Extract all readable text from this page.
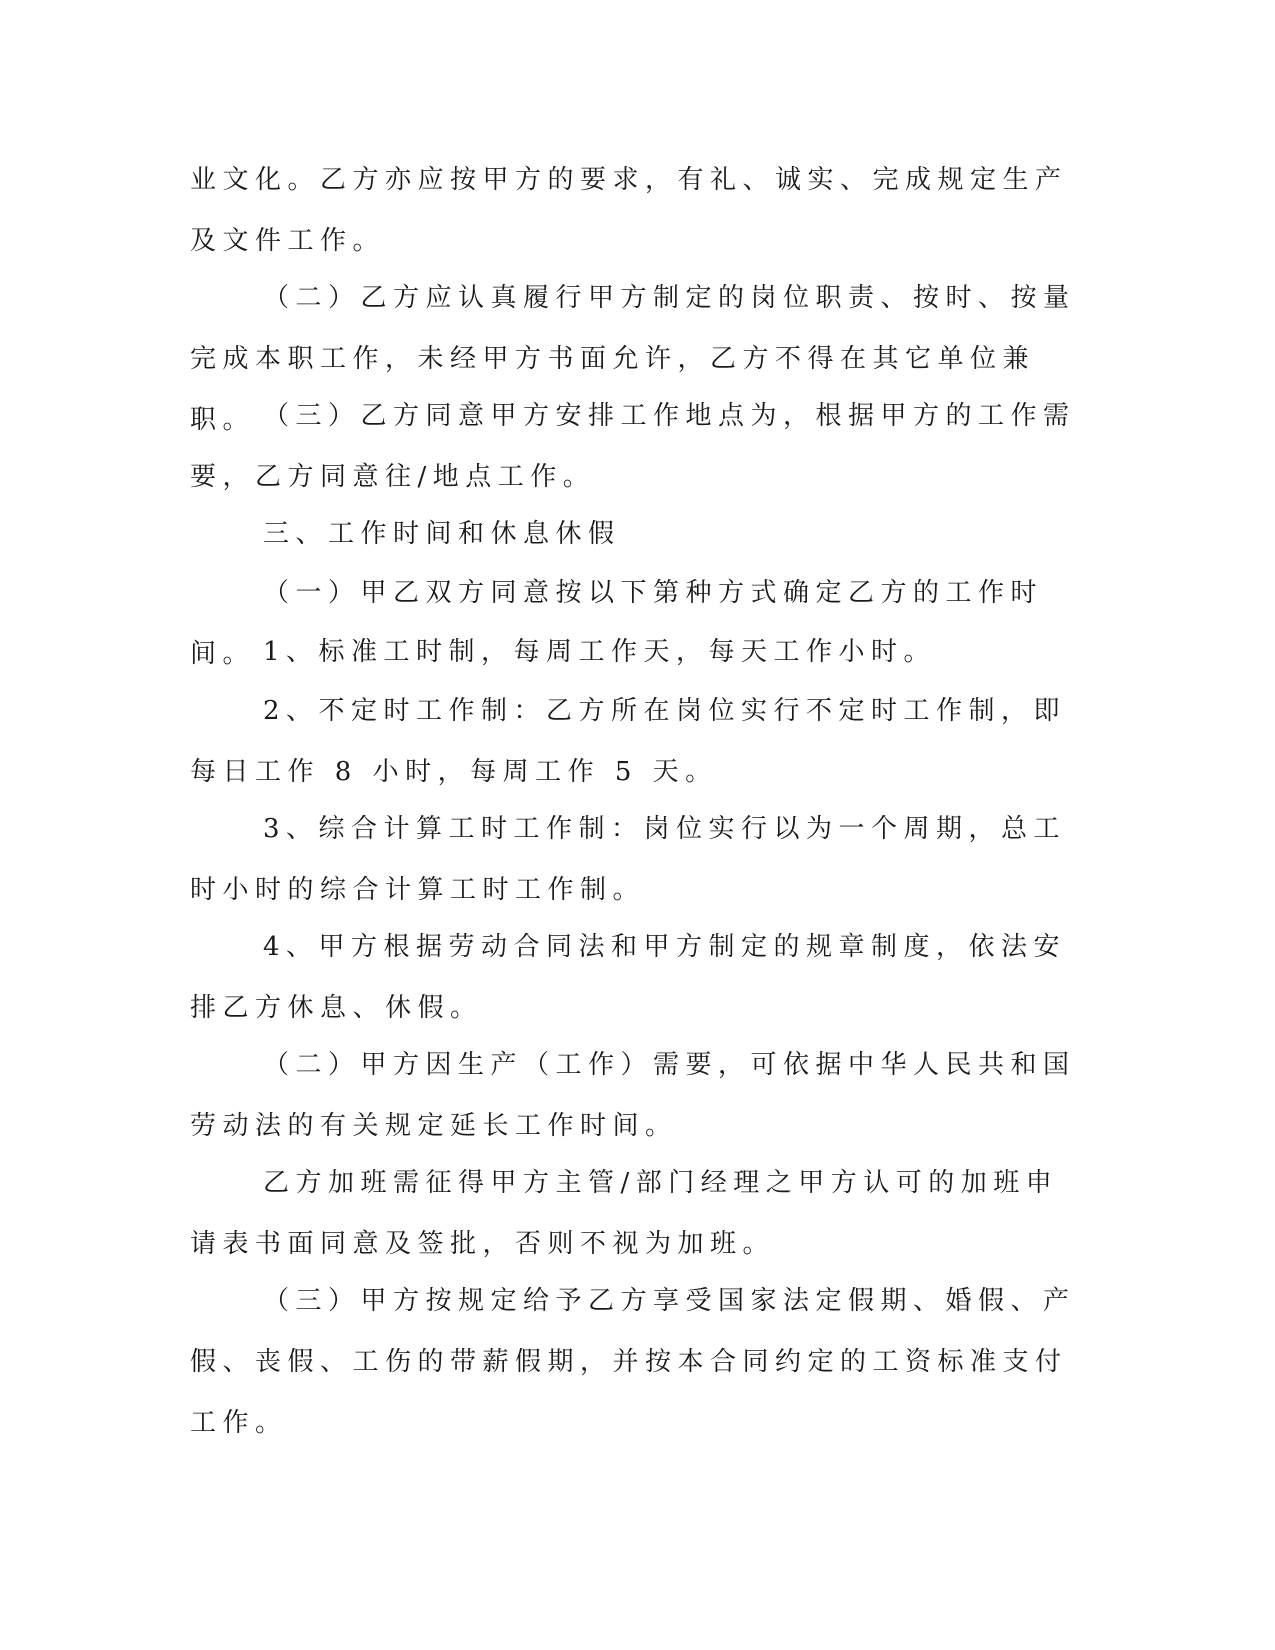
业文化。乙方亦应按甲方的要求，有礼、诚实、完成规定生产及文件工作。

（二）乙方应认真履行甲方制定的岗位职责、按时、按量完成本职工作，未经甲方书面允许，乙方不得在其它单位兼职。 （三）乙方同意甲方安排工作地点为，根据甲方的工作需要，乙方同意往/地点工作。

三、工作时间和休息休假

（一）甲乙双方同意按以下第种方式确定乙方的工作时间。 1、标准工时制，每周工作天，每天工作小时。

2、不定时工作制：乙方所在岗位实行不定时工作制，即每日工作 8 小时，每周工作 5 天。

3、综合计算工时工作制：岗位实行以为一个周期，总工时小时的综合计算工时工作制。

4、甲方根据劳动合同法和甲方制定的规章制度，依法安排乙方休息、休假。

（二）甲方因生产（工作）需要，可依据中华人民共和国劳动法的有关规定延长工作时间。

乙方加班需征得甲方主管/部门经理之甲方认可的加班申请表书面同意及签批，否则不视为加班。

（三）甲方按规定给予乙方享受国家法定假期、婚假、产假、丧假、工伤的带薪假期，并按本合同约定的工资标准支付工作。
